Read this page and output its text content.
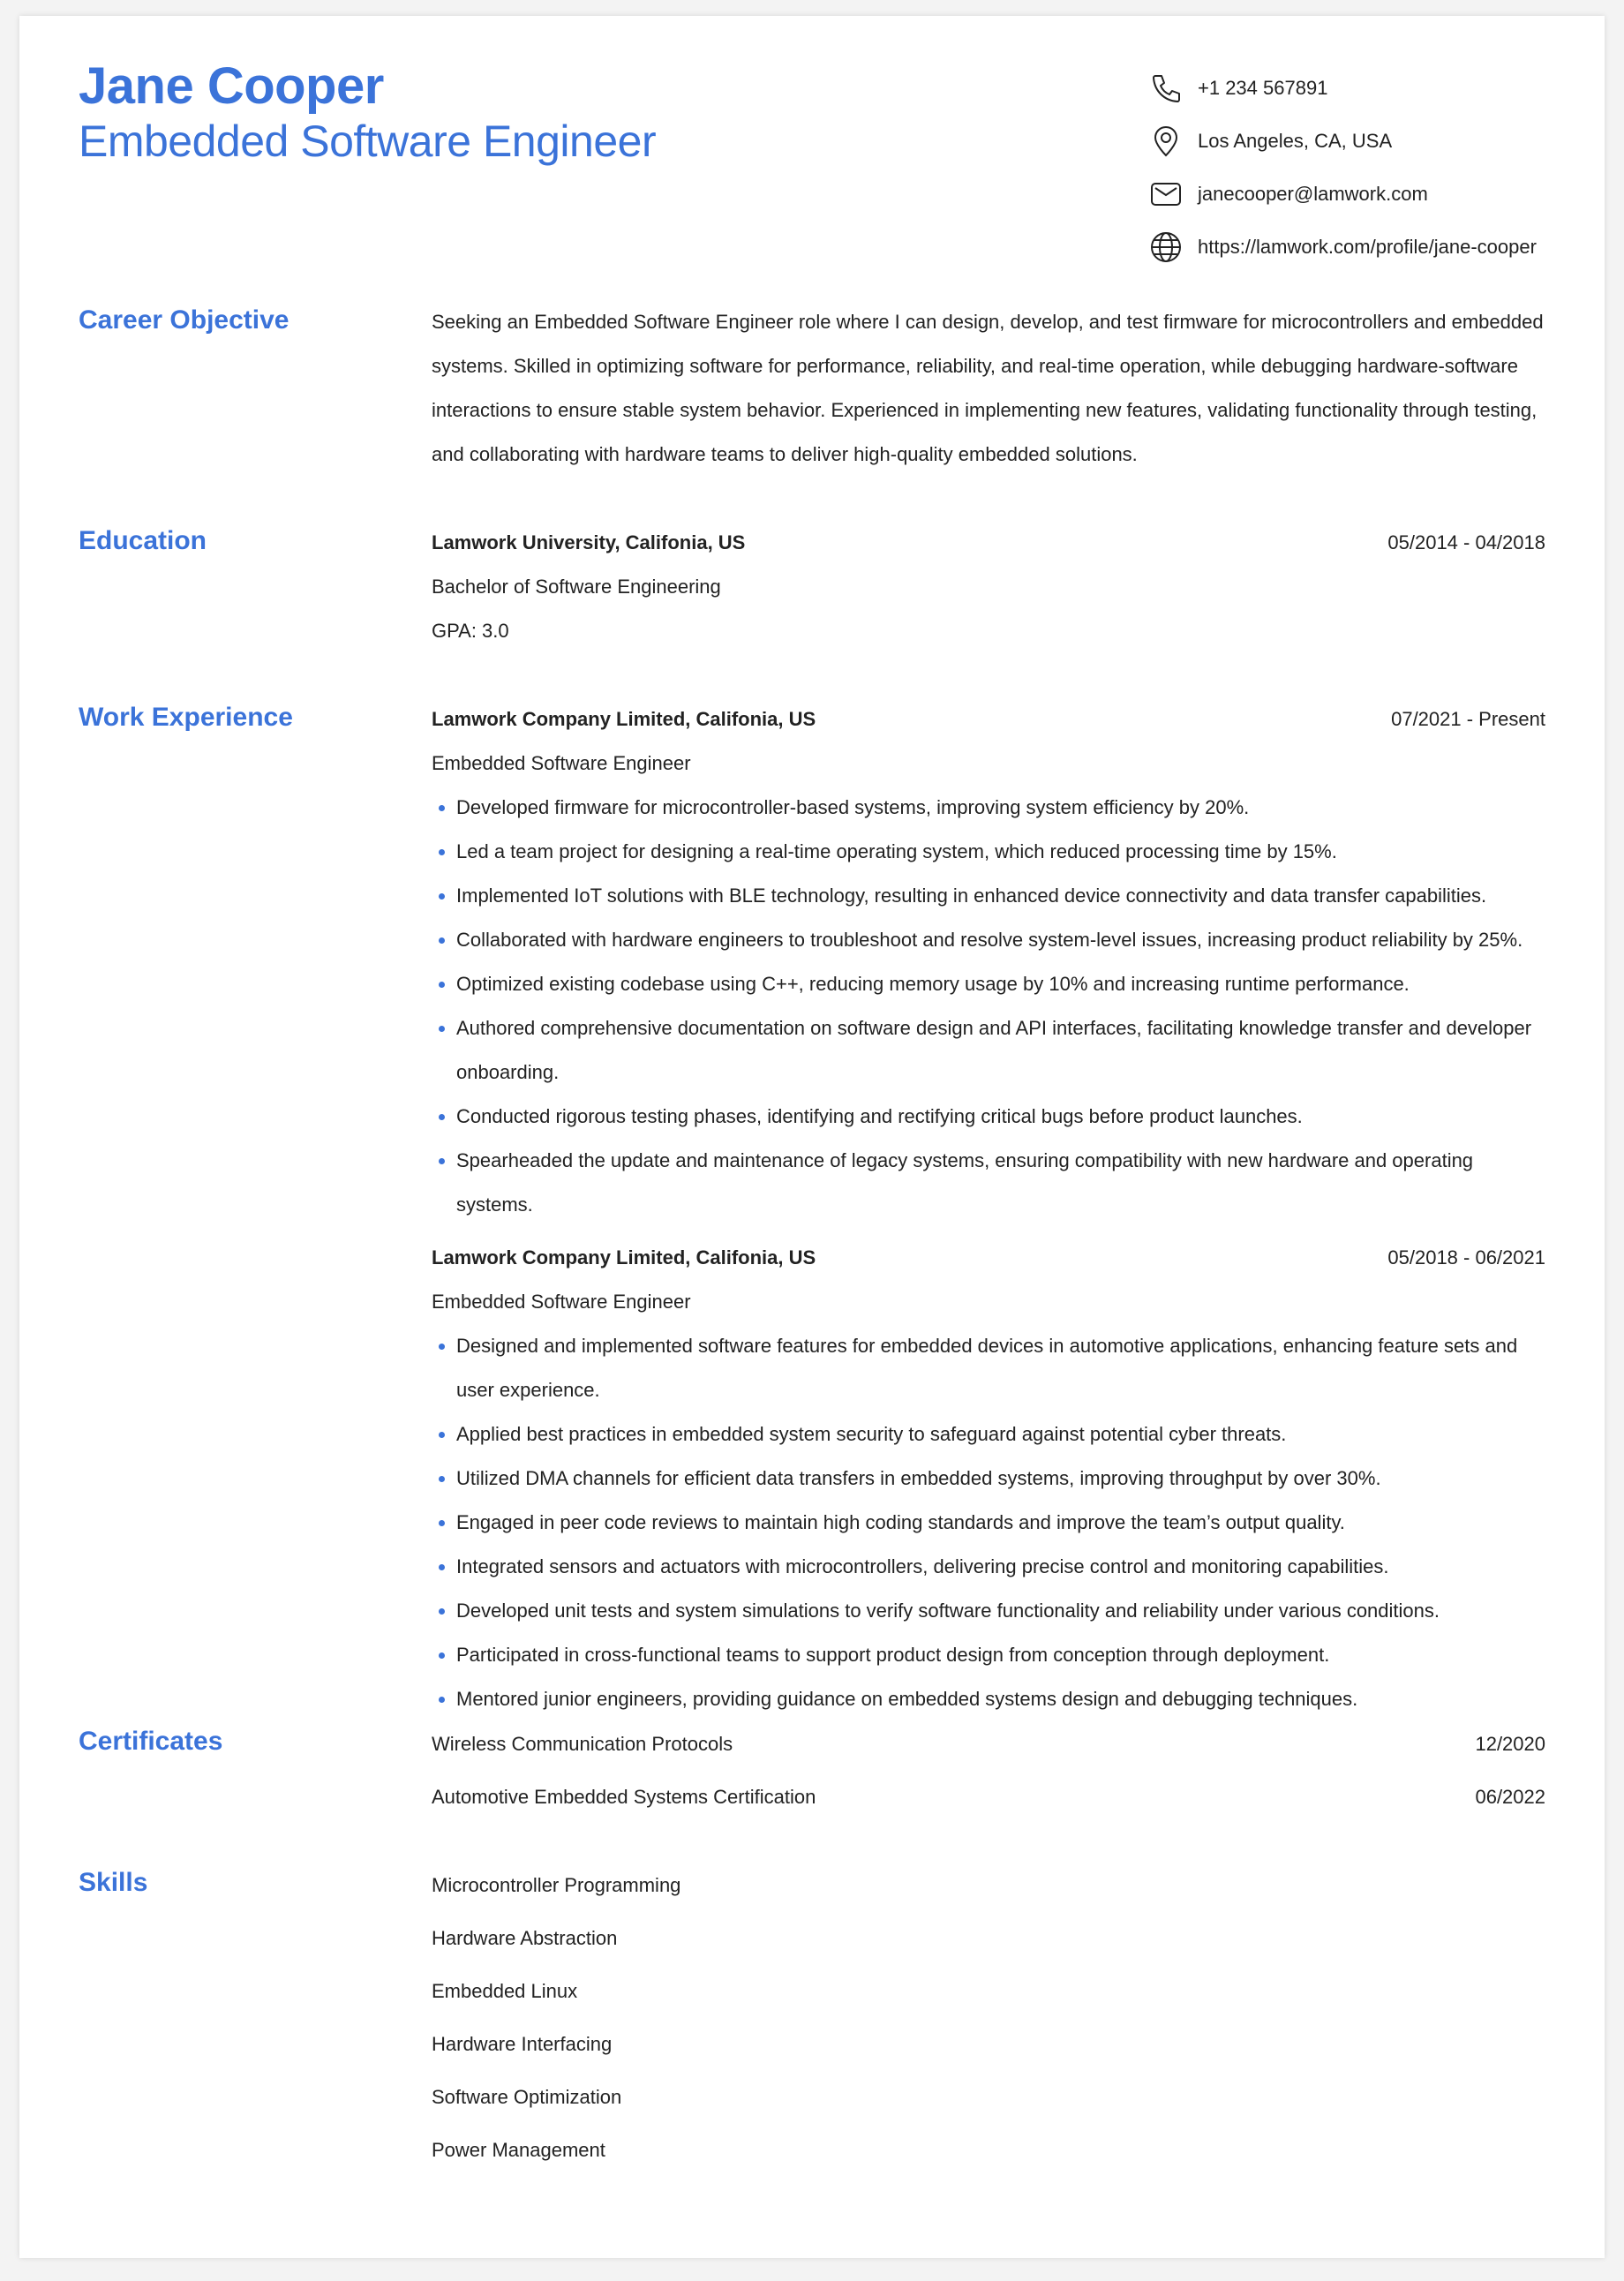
Jane Cooper
Embedded Software Engineer
+1 234 567891
Los Angeles, CA, USA
janecooper@lamwork.com
https://lamwork.com/profile/jane-cooper
Career Objective	Seeking an Embedded Software Engineer role where I can design, develop, and test firmware for microcontrollers and embedded systems. Skilled in optimizing software for performance, reliability, and real-time operation, while debugging hardware-software interactions to ensure stable system behavior. Experienced in implementing new features, validating functionality through testing, and collaborating with hardware teams to deliver high-quality embedded solutions.

Education	Lamwork University, Califonia, US	05/2014 - 04/2018
Bachelor of Software Engineering
GPA: 3.0
Work Experience	Lamwork Company Limited, Califonia, US	07/2021 - Present
Embedded Software Engineer
Developed firmware for microcontroller-based systems, improving system efficiency by 20%.
Led a team project for designing a real-time operating system, which reduced processing time by 15%.
Implemented IoT solutions with BLE technology, resulting in enhanced device connectivity and data transfer capabilities.
Collaborated with hardware engineers to troubleshoot and resolve system-level issues, increasing product reliability by 25%.
Optimized existing codebase using C++, reducing memory usage by 10% and increasing runtime performance.
Authored comprehensive documentation on software design and API interfaces, facilitating knowledge transfer and developer onboarding.
Conducted rigorous testing phases, identifying and rectifying critical bugs before product launches.
Spearheaded the update and maintenance of legacy systems, ensuring compatibility with new hardware and operating systems.
Lamwork Company Limited, Califonia, US	05/2018 - 06/2021
Embedded Software Engineer
Designed and implemented software features for embedded devices in automotive applications, enhancing feature sets and user experience.
Applied best practices in embedded system security to safeguard against potential cyber threats.
Utilized DMA channels for efficient data transfers in embedded systems, improving throughput by over 30%.
Engaged in peer code reviews to maintain high coding standards and improve the team’s output quality.
Integrated sensors and actuators with microcontrollers, delivering precise control and monitoring capabilities.
Developed unit tests and system simulations to verify software functionality and reliability under various conditions.
Participated in cross-functional teams to support product design from conception through deployment.
Mentored junior engineers, providing guidance on embedded systems design and debugging techniques.
Certificates	Wireless Communication Protocols	12/2020
Automotive Embedded Systems Certification	06/2022
Skills	Microcontroller Programming
Hardware Abstraction
Embedded Linux
Hardware Interfacing
Software Optimization
Power Management
